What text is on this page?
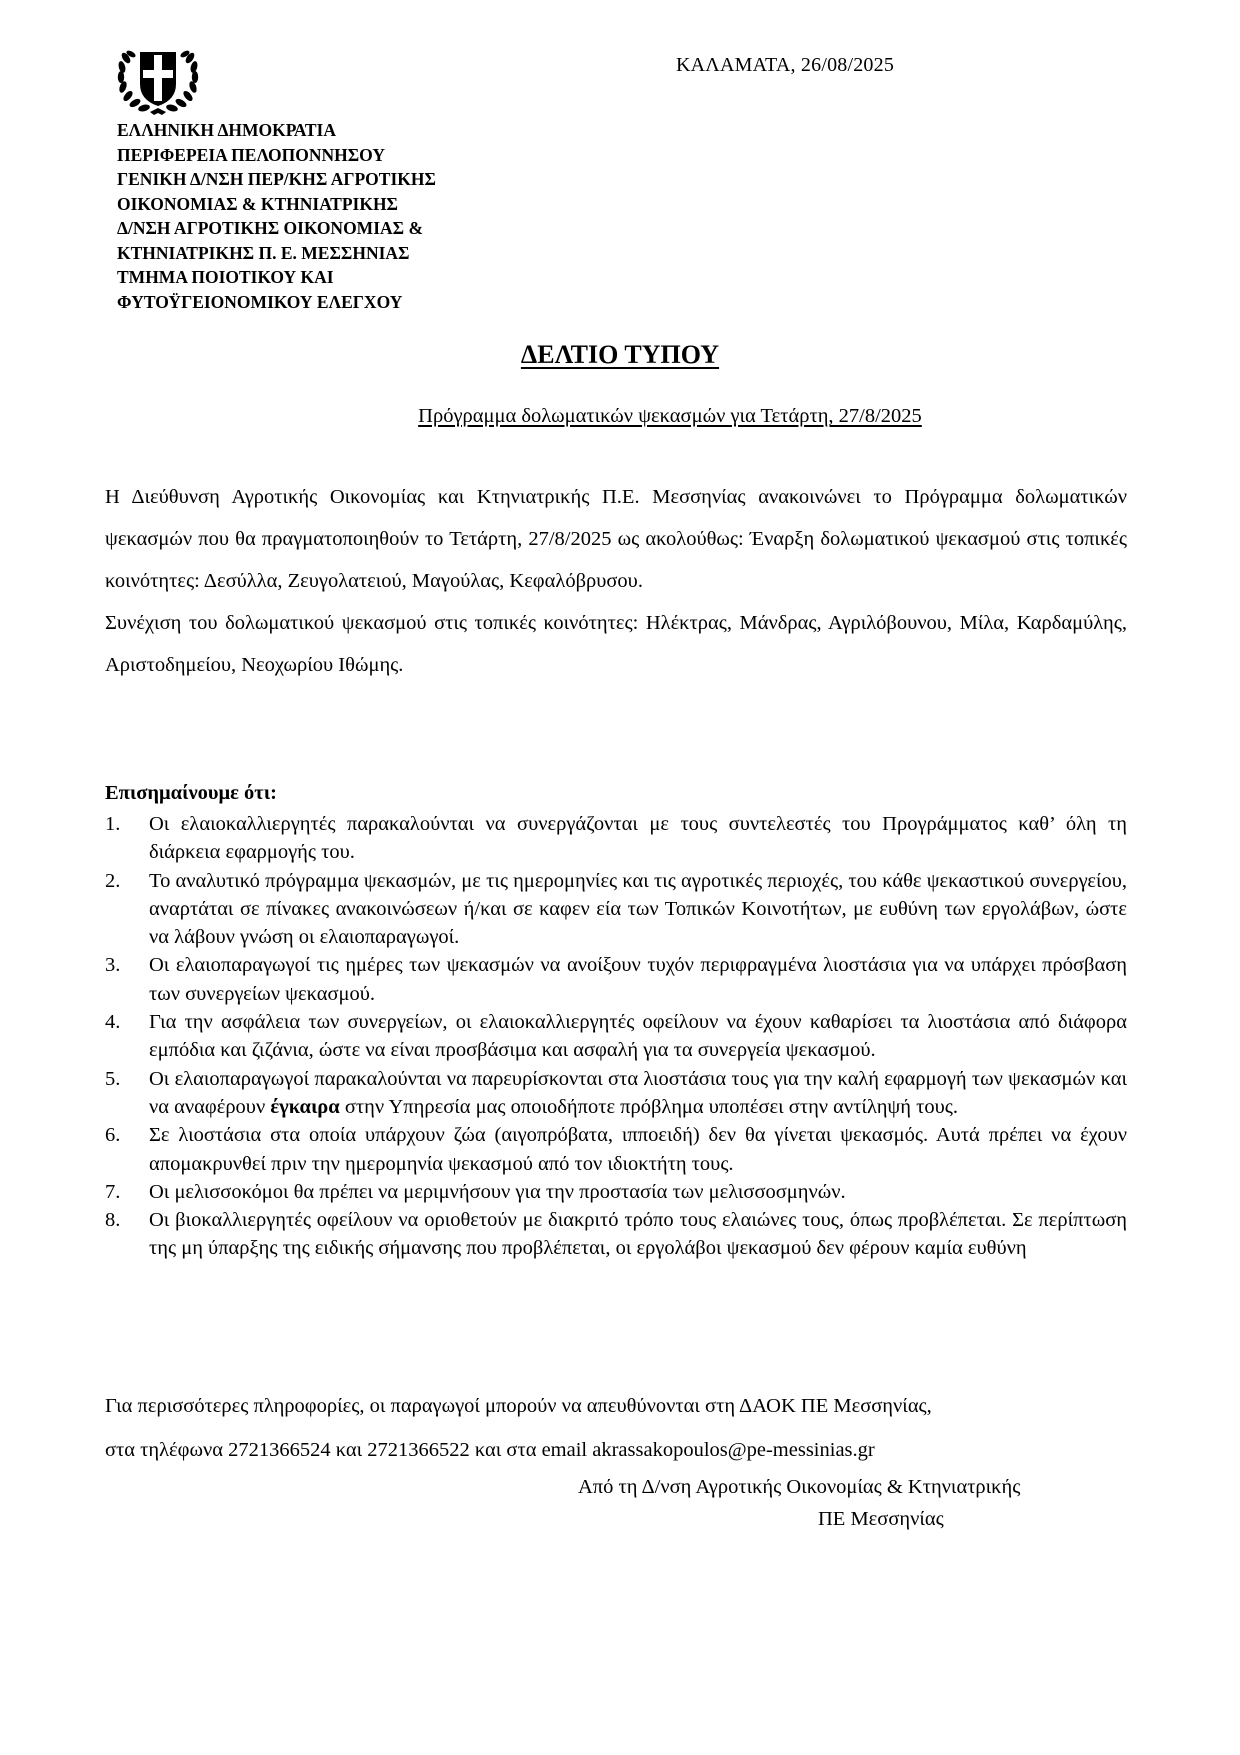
ΚΑΛΑΜΑΤΑ, 26/08/2025
ΕΛΛΗΝΙΚΗ ΔΗΜΟΚΡΑΤΙΑ
ΠΕΡΙΦΕΡΕΙΑ ΠΕΛΟΠΟΝΝΗΣΟΥ
ΓΕΝΙΚΗ Δ/ΝΣΗ ΠΕΡ/ΚΗΣ ΑΓΡΟΤΙΚΗΣ
ΟΙΚΟΝΟΜΙΑΣ & ΚΤΗΝΙΑΤΡΙΚΗΣ
Δ/ΝΣΗ ΑΓΡΟΤΙΚΗΣ ΟΙΚΟΝΟΜΙΑΣ &
ΚΤΗΝΙΑΤΡΙΚΗΣ Π. Ε. ΜΕΣΣΗΝΙΑΣ
ΤΜΗΜΑ ΠΟΙΟΤΙΚΟΥ ΚΑΙ
ΦΥΤΟΫΓΕΙΟΝΟΜΙΚΟΥ ΕΛΕΓΧΟΥ
ΔΕΛΤΙΟ ΤΥΠΟΥ
Πρόγραμμα δολωματικών ψεκασμών για Τετάρτη, 27/8/2025

Η Διεύθυνση Αγροτικής Οικονομίας και Κτηνιατρικής Π.Ε. Μεσσηνίας ανακοινώνει το Πρόγραμμα δολωματικών ψεκασμών που θα πραγματοποιηθούν το Τετάρτη, 27/8/2025 ως ακολούθως: Έναρξη δολωματικού ψεκασμού στις τοπικές κοινότητες: Δεσύλλα, Ζευγολατειού, Μαγούλας, Κεφαλόβρυσου.

Συνέχιση του δολωματικού ψεκασμού στις τοπικές κοινότητες: Ηλέκτρας, Μάνδρας, Αγριλόβουνου, Μίλα, Καρδαμύλης, Αριστοδημείου, Νεοχωρίου Ιθώμης.

Επισημαίνουμε ότι:
1. Οι ελαιοκαλλιεργητές παρακαλούνται να συνεργάζονται με τους συντελεστές του Προγράμματος καθ’ όλη τη διάρκεια εφαρμογής του.
2. Το αναλυτικό πρόγραμμα ψεκασμών, με τις ημερομηνίες και τις αγροτικές περιοχές, του κάθε ψεκαστικού συνεργείου, αναρτάται σε πίνακες ανακοινώσεων ή/και σε καφεν εία των Τοπικών Κοινοτήτων, με ευθύνη των εργολάβων, ώστε να λάβουν γνώση οι ελαιοπαραγωγοί.
3. Οι ελαιοπαραγωγοί τις ημέρες των ψεκασμών να ανοίξουν τυχόν περιφραγμένα λιοστάσια για να υπάρχει πρόσβαση των συνεργείων ψεκασμού.
4. Για την ασφάλεια των συνεργείων, οι ελαιοκαλλιεργητές οφείλουν να έχουν καθαρίσει τα λιοστάσια από διάφορα εμπόδια και ζιζάνια, ώστε να είναι προσβάσιμα και ασφαλή για τα συνεργεία ψεκασμού.
5. Οι ελαιοπαραγωγοί παρακαλούνται να παρευρίσκονται στα λιοστάσια τους για την καλή εφαρμογή των ψεκασμών και να αναφέρουν έγκαιρα στην Υπηρεσία μας οποιοδήποτε πρόβλημα υποπέσει στην αντίληψή τους.
6. Σε λιοστάσια στα οποία υπάρχουν ζώα (αιγοπρόβατα, ιπποειδή) δεν θα γίνεται ψεκασμός. Αυτά πρέπει να έχουν απομακρυνθεί πριν την ημερομηνία ψεκασμού από τον ιδιοκτήτη τους.
7. Οι μελισσοκόμοι θα πρέπει να μεριμνήσουν για την προστασία των μελισσοσμηνών.
8. Οι βιοκαλλιεργητές οφείλουν να οριοθετούν με διακριτό τρόπο τους ελαιώνες τους, όπως προβλέπεται. Σε περίπτωση της μη ύπαρξης της ειδικής σήμανσης που προβλέπεται, οι εργολάβοι ψεκασμού δεν φέρουν καμία ευθύνη

Για περισσότερες πληροφορίες, οι παραγωγοί μπορούν να απευθύνονται στη ΔΑΟΚ ΠΕ Μεσσηνίας,

στα τηλέφωνα 2721366524 και 2721366522 και στα email akrassakopoulos@pe-messinias.gr

Από τη Δ/νση Αγροτικής Οικονομίας & Κτηνιατρικής
ΠΕ Μεσσηνίας
